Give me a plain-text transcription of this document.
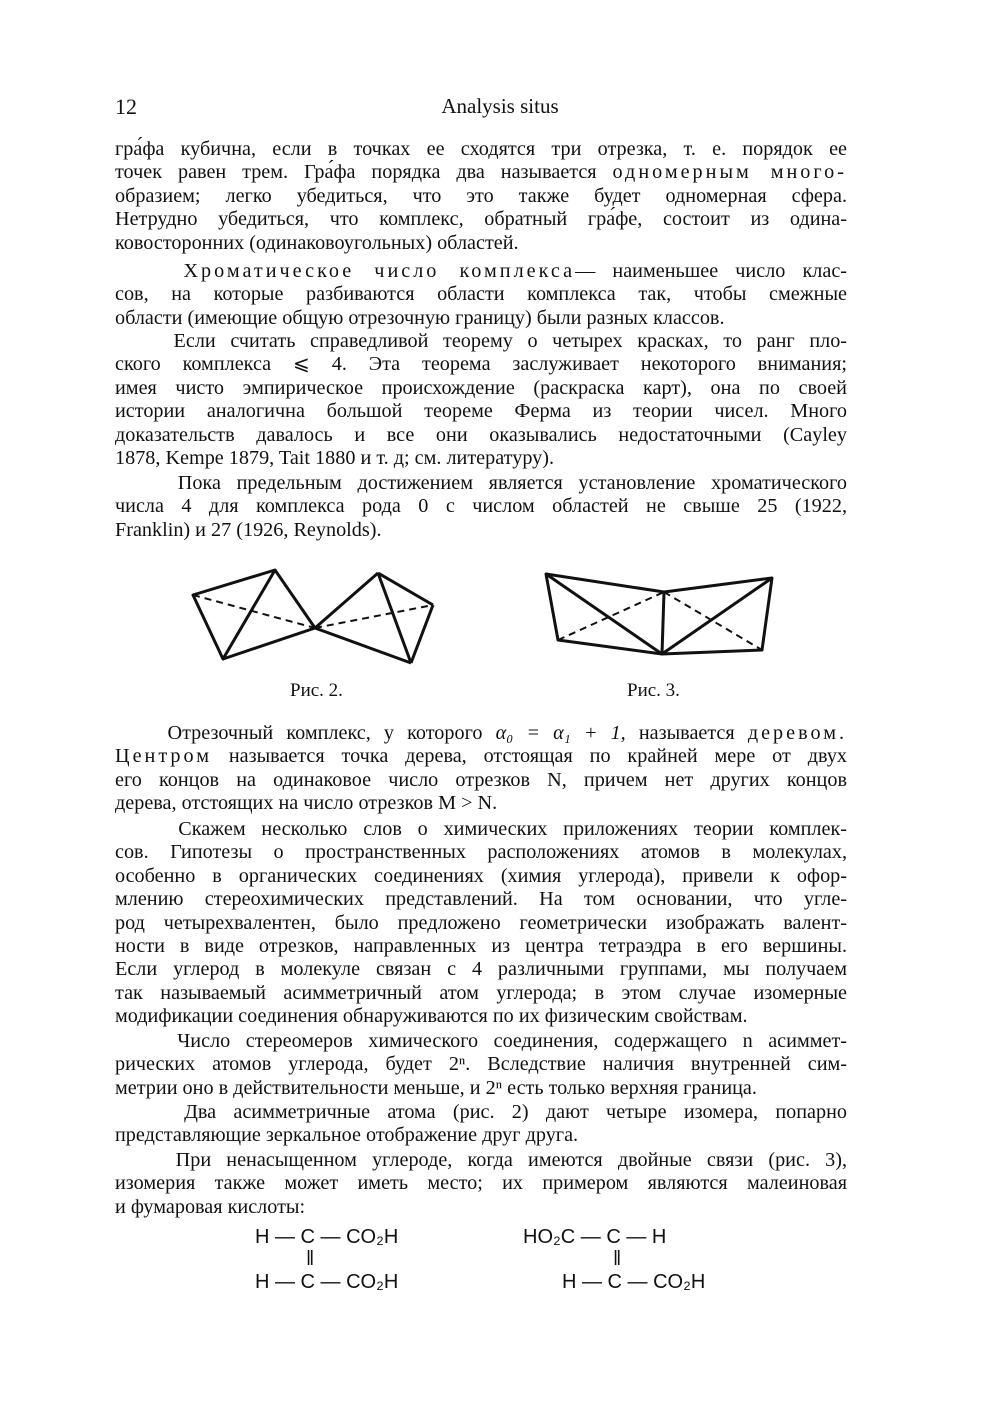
12	Analysis situs
гра́фа кубична, если в точках ее сходятся три отрезка, т. е. порядок ее
точек равен трем. Гра́фа порядка два называется одномерным много-
образием; легко убедиться, что это также будет одномерная сфера.
Нетрудно убедиться, что комплекс, обратный гра́фе, состоит из одина-
ковосторонних (одинаковоугольных) областей.
Хроматическое число комплекса— наименьшее число клас-
сов, на которые разбиваются области комплекса так, чтобы смежные
области (имеющие общую отрезочную границу) были разных классов.
Если считать справедливой теорему о четырех красках, то ранг пло-
ского комплекса ⩽ 4. Эта теорема заслуживает некоторого внимания;
имея чисто эмпирическое происхождение (раскраска карт), она по своей
истории аналогична большой теореме Ферма из теории чисел. Много
доказательств давалось и все они оказывались недостаточными (Cayley
1878, Kempe 1879, Tait 1880 и т. д; см. литературу).
Пока предельным достижением является установление хроматического
числа 4 для комплекса рода 0 с числом областей не свыше 25 (1922,
Franklin) и 27 (1926, Reynolds).
Рис. 2.	Рис. 3.
Отрезочный комплекс, у которого α₀ = α₁ + 1, называется деревом.
Центром называется точка дерева, отстоящая по крайней мере от двух
его концов на одинаковое число отрезков N, причем нет других концов
дерева, отстоящих на число отрезков M > N.
Скажем несколько слов о химических приложениях теории комплек-
сов. Гипотезы о пространственных расположениях атомов в молекулах,
особенно в органических соединениях (химия углерода), привели к офор-
млению стереохимических представлений. На том основании, что угле-
род четырехвалентен, было предложено геометрически изображать валент-
ности в виде отрезков, направленных из центра тетраэдра в его вершины.
Если углерод в молекуле связан с 4 различными группами, мы получаем
так называемый асимметричный атом углерода; в этом случае изомерные
модификации соединения обнаруживаются по их физическим свойствам.
Число стереомеров химического соединения, содержащего n асиммет-
рических атомов углерода, будет 2ⁿ. Вследствие наличия внутренней сим-
метрии оно в действительности меньше, и 2ⁿ есть только верхняя граница.
Два асимметричные атома (рис. 2) дают четыре изомера, попарно
представляющие зеркальное отображение друг друга.
При ненасыщенном углероде, когда имеются двойные связи (рис. 3),
изомерия также может иметь место; их примером являются малеиновая
и фумаровая кислоты:
H — C — CO₂H
‖
H — C — CO₂H
HO₂C — C — H
‖
H — C — CO₂H
